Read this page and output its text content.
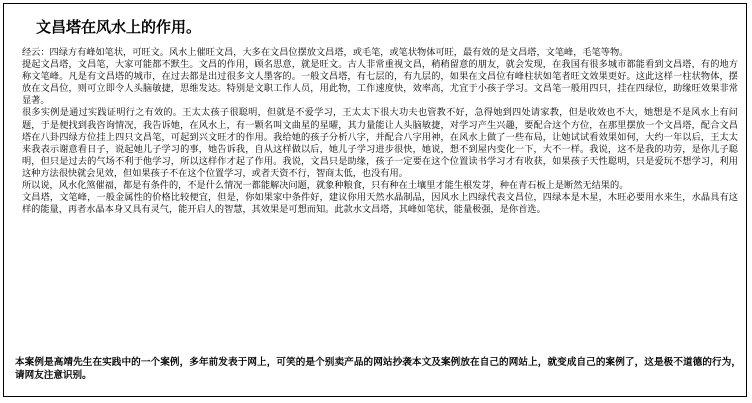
文昌塔在风水上的作用。

经云：四绿方有峰如笔状，可旺文。风水上催旺文昌，大多在文昌位摆放文昌塔，或毛笔，或笔状物体可旺，最有效的是文昌塔，文笔峰，毛笔等物。

提起文昌塔，文昌笔，大家可能都不默生。文昌的作用，顾名思意，就是旺文。古人非常重视文昌，稍稍留意的朋友，就会发现，在我国有很多城市都能看到文昌塔，有的地方称文笔峰。凡是有文昌塔的城市，在过去都是出过很多文人墨客的。一般文昌塔，有七层的，有九层的，如果在文昌位有峰柱状如笔者旺文效果更好。这此这样一柱状物体，摆放在文昌位，则可立即令人头脑敏捷，思维发达。特别是文职工作人员，用此物，工作速度快，效率高，尤宜于小孩子学习。文昌笔一般用四只，挂在四绿位，助缘旺效果非常显著。

很多实例是通过实践证明行之有效的。王太太孩子很聪明，但就是不爱学习，王太太下很大功夫也管教不好，急得她到四处请家教，但是收效也不大，她想是不是风水上有问题，于是便找到我咨询情况，我告诉她，在风水上，有一颗名叫文曲星的星曜，其力量能让人头脑敏捷，对学习产生兴趣，要配合这个方位，在那里摆放一个文昌塔，配合文昌塔在八卦四绿方位挂上四只文昌笔，可起到兴文旺才的作用。我给她的孩子分析八字，并配合八字用神，在风水上做了一些布局，让她试试看效果如何，大约一年以后，王太太来我表示谢意看日子，说起她儿子学习的事，她告诉我，自从这样做以后，她儿子学习进步很快，她说，想不到屋内变化一下，大不一样。我说，这不是我的功劳，是你儿子聪明，但只是过去的气场不利于他学习，所以这样作才起了作用。我说，文昌只是助缘，孩子一定要在这个位置读书学习才有收获，如果孩子天性聪明，只是爱玩不想学习，利用这种方法很快就会见效，但如果孩子不在这个位置学习，或者天资不行，智商太低，也没有用。

所以说，风水化煞催福，都是有条件的，不是什么情况一都能解决问题，就象种粮食，只有种在土壤里才能生根发芽，种在青石板上是断然无结果的。

文昌塔，文笔峰，一般金属性的价格比较便宜，但是，你如果家中条件好，建议你用天然水晶制品，因风水上四绿代表文昌位，四绿本是木星，木旺必要用水来生，水晶具有这样的能量，再者水晶本身又具有灵气，能开启人的智慧，其效果是可想而知。此款水文昌塔，其峰如笔状，能量极强，是你首选。

本案例是高靖先生在实践中的一个案例，多年前发表于网上，可笑的是个别卖产品的网站抄袭本文及案例放在自己的网站上，就变成自己的案例了，这是极不道德的行为，请网友注意识别。
